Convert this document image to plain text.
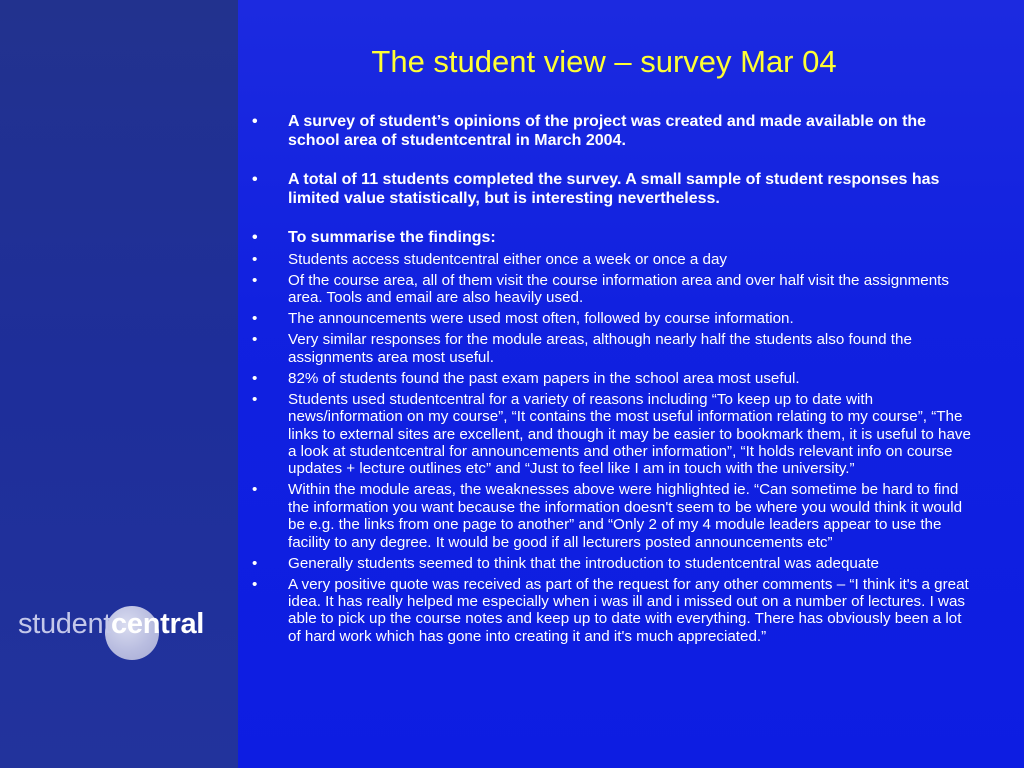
studentcentral
The student view – survey Mar 04
• A survey of student’s opinions of the project was created and made available on the school area of studentcentral in March 2004.
• A total of 11 students completed the survey. A small sample of student responses has limited value statistically, but is interesting nevertheless.
• To summarise the findings:
• Students access studentcentral either once a week or once a day
• Of the course area, all of them visit the course information area and over half visit the assignments area. Tools and email are also heavily used.
• The announcements were used most often, followed by course information.
• Very similar responses for the module areas, although nearly half the students also found the assignments area most useful.
• 82% of students found the past exam papers in the school area most useful.
• Students used studentcentral for a variety of reasons including “To keep up to date with news/information on my course”, “It contains the most useful information relating to my course”, “The links to external sites are excellent, and though it may be easier to bookmark them, it is useful to have a look at studentcentral for announcements and other information”, “It holds relevant info on course updates + lecture outlines etc” and “Just to feel like I am in touch with the university.”
• Within the module areas, the weaknesses above were highlighted ie. “Can sometime be hard to find the information you want because the information doesn't seem to be where you would think it would be e.g. the links from one page to another” and “Only 2 of my 4 module leaders appear to use the facility to any degree. It would be good if all lecturers posted announcements etc”
• Generally students seemed to think that the introduction to studentcentral was adequate
• A very positive quote was received as part of the request for any other comments – “I think it's a great idea. It has really helped me especially when i was ill and i missed out on a number of lectures. I was able to pick up the course notes and keep up to date with everything. There has obviously been a lot of hard work which has gone into creating it and it's much appreciated.”
